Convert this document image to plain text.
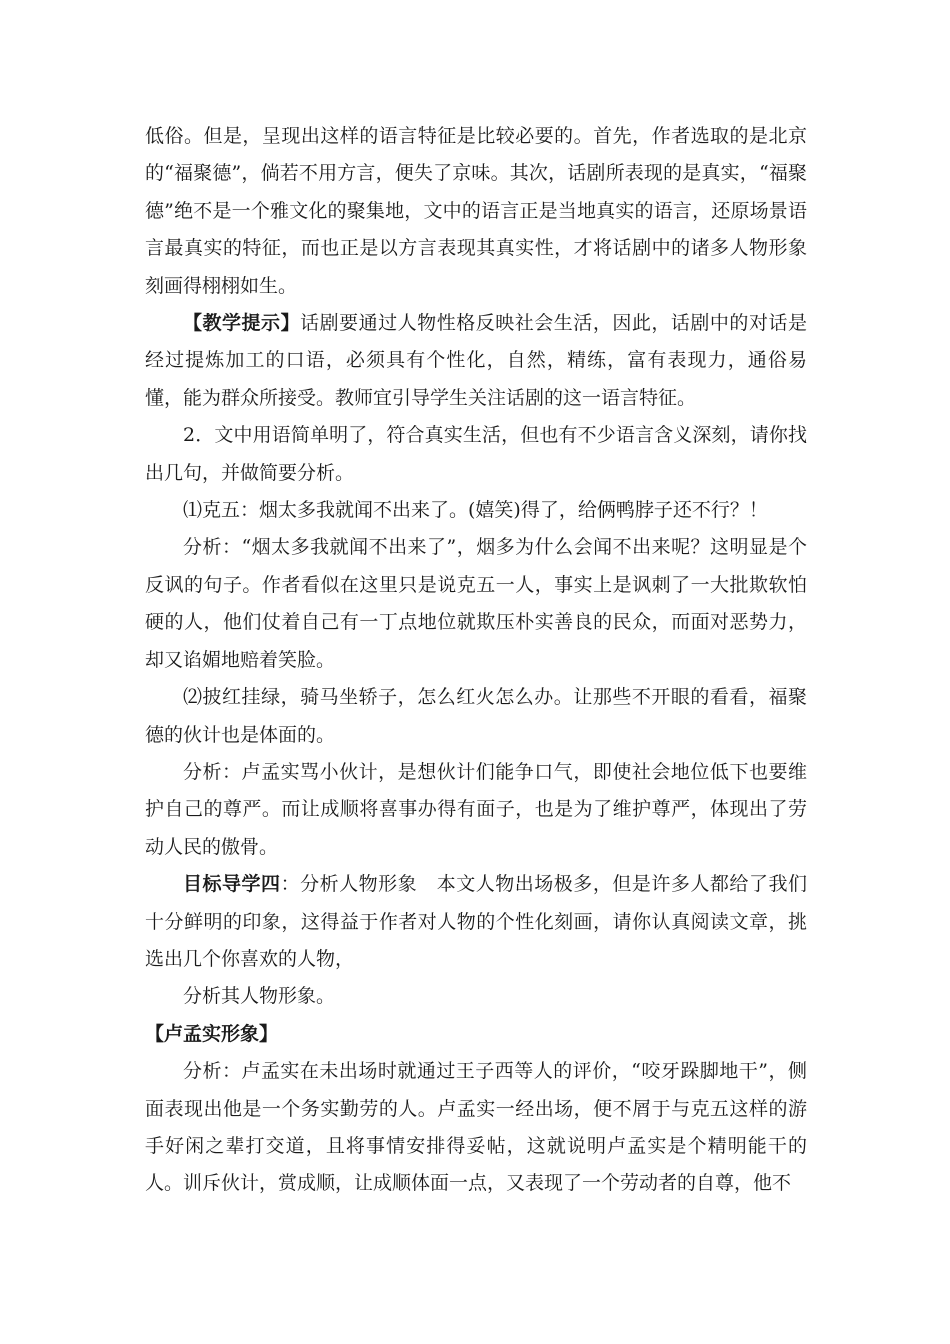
低俗。但是，呈现出这样的语言特征是比较必要的。首先，作者选取的是北京的“福聚德”，倘若不用方言，便失了京味。其次，话剧所表现的是真实，“福聚德”绝不是一个雅文化的聚集地，文中的语言正是当地真实的语言，还原场景语言最真实的特征，而也正是以方言表现其真实性，才将话剧中的诸多人物形象刻画得栩栩如生。

【教学提示】话剧要通过人物性格反映社会生活，因此，话剧中的对话是经过提炼加工的口语，必须具有个性化，自然，精练，富有表现力，通俗易懂，能为群众所接受。教师宜引导学生关注话剧的这一语言特征。

2．文中用语简单明了，符合真实生活，但也有不少语言含义深刻，请你找出几句，并做简要分析。

⑴克五：烟太多我就闻不出来了。(嬉笑)得了，给俩鸭脖子还不行？！

分析：“烟太多我就闻不出来了”，烟多为什么会闻不出来呢？这明显是个反讽的句子。作者看似在这里只是说克五一人，事实上是讽刺了一大批欺软怕硬的人，他们仗着自己有一丁点地位就欺压朴实善良的民众，而面对恶势力，却又谄媚地赔着笑脸。

⑵披红挂绿，骑马坐轿子，怎么红火怎么办。让那些不开眼的看看，福聚德的伙计也是体面的。

分析：卢孟实骂小伙计，是想伙计们能争口气，即使社会地位低下也要维护自己的尊严。而让成顺将喜事办得有面子，也是为了维护尊严，体现出了劳动人民的傲骨。

目标导学四：分析人物形象　本文人物出场极多，但是许多人都给了我们十分鲜明的印象，这得益于作者对人物的个性化刻画，请你认真阅读文章，挑选出几个你喜欢的人物，

分析其人物形象。

【卢孟实形象】

分析：卢孟实在未出场时就通过王子西等人的评价，“咬牙跺脚地干”，侧面表现出他是一个务实勤劳的人。卢孟实一经出场，便不屑于与克五这样的游手好闲之辈打交道，且将事情安排得妥帖，这就说明卢孟实是个精明能干的人。训斥伙计，赏成顺，让成顺体面一点，又表现了一个劳动者的自尊，他不
